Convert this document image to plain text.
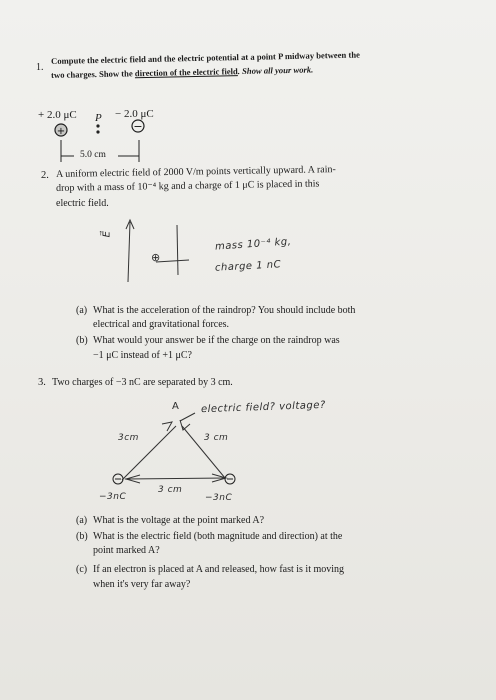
1.
Compute the electric field and the electric potential at a point P midway between the
two charges. Show the direction of the electric field. Show all your work.
+ 2.0 μC P − 2.0 μC
+	−
5.0 cm
2. A uniform electric field of 2000 V/m points vertically upward. A rain-
drop with a mass of 10⁻⁴ kg and a charge of 1 μC is placed in this
electric field.
E⃗
⊕
mass 10⁻⁴ kg,
charge 1 nC
(a) What is the acceleration of the raindrop? You should include both
electrical and gravitational forces.
(b) What would your answer be if the charge on the raindrop was
−1 μC instead of +1 μC?
3. Two charges of −3 nC are separated by 3 cm.
A electric field? voltage?
3cm	3 cm
3 cm
−3nC	−3nC
(a) What is the voltage at the point marked A?
(b) What is the electric field (both magnitude and direction) at the
point marked A?
(c) If an electron is placed at A and released, how fast is it moving
when it's very far away?
